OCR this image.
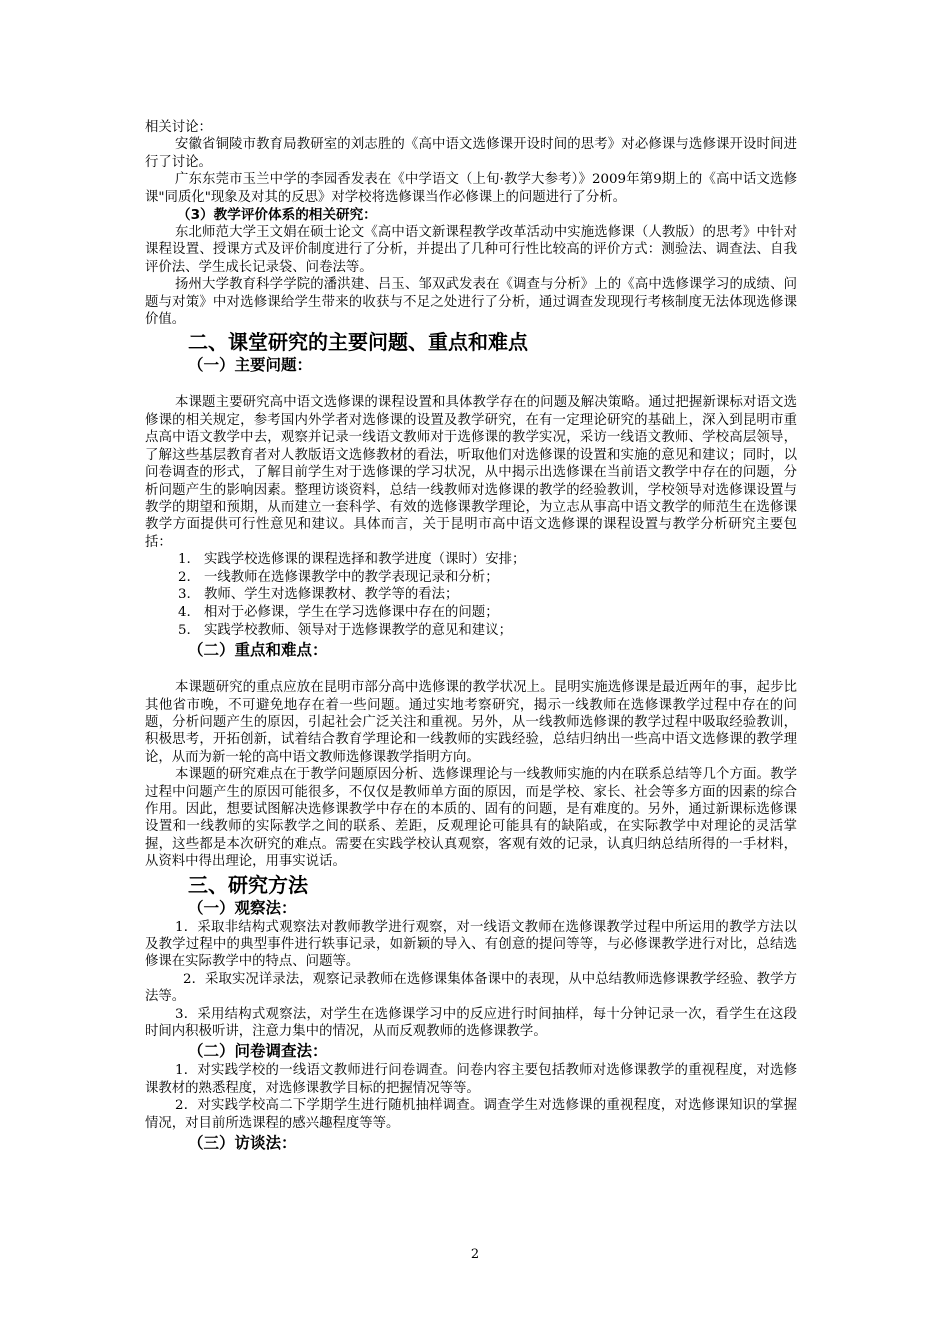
相关讨论：

安徽省铜陵市教育局教研室的刘志胜的《高中语文选修课开设时间的思考》对必修课与选修课开设时间进行了讨论。

广东东莞市玉兰中学的李园香发表在《中学语文（上旬·教学大参考）》2009年第9期上的《高中话文选修课"同质化"现象及对其的反思》对学校将选修课当作必修课上的问题进行了分析。

（3）教学评价体系的相关研究：

东北师范大学王文娟在硕士论文《高中语文新课程教学改革活动中实施选修课（人教版）的思考》中针对课程设置、授课方式及评价制度进行了分析，并提出了几种可行性比较高的评价方式：测验法、调查法、自我评价法、学生成长记录袋、问卷法等。

扬州大学教育科学学院的潘洪建、吕玉、邹双武发表在《调查与分析》上的《高中选修课学习的成绩、问题与对策》中对选修课给学生带来的收获与不足之处进行了分析，通过调查发现现行考核制度无法体现选修课价值。

二、课堂研究的主要问题、重点和难点
（一）主要问题：

本课题主要研究高中语文选修课的课程设置和具体教学存在的问题及解决策略。通过把握新课标对语文选修课的相关规定，参考国内外学者对选修课的设置及教学研究，在有一定理论研究的基础上，深入到昆明市重点高中语文教学中去，观察并记录一线语文教师对于选修课的教学实况，采访一线语文教师、学校高层领导，了解这些基层教育者对人教版语文选修教材的看法，听取他们对选修课的设置和实施的意见和建议；同时，以问卷调查的形式，了解目前学生对于选修课的学习状况，从中揭示出选修课在当前语文教学中存在的问题，分析问题产生的影响因素。整理访谈资料，总结一线教师对选修课的教学的经验教训，学校领导对选修课设置与教学的期望和预期，从而建立一套科学、有效的选修课教学理论，为立志从事高中语文教学的师范生在选修课教学方面提供可行性意见和建议。具体而言，关于昆明市高中语文选修课的课程设置与教学分析研究主要包括：

1. 实践学校选修课的课程选择和教学进度（课时）安排；
2. 一线教师在选修课教学中的教学表现记录和分析；
3. 教师、学生对选修课教材、教学等的看法；
4. 相对于必修课，学生在学习选修课中存在的问题；
5. 实践学校教师、领导对于选修课教学的意见和建议；
（二）重点和难点：

本课题研究的重点应放在昆明市部分高中选修课的教学状况上。昆明实施选修课是最近两年的事，起步比其他省市晚，不可避免地存在着一些问题。通过实地考察研究，揭示一线教师在选修课教学过程中存在的问题，分析问题产生的原因，引起社会广泛关注和重视。另外，从一线教师选修课的教学过程中吸取经验教训，积极思考，开拓创新，试着结合教育学理论和一线教师的实践经验，总结归纳出一些高中语文选修课的教学理论，从而为新一轮的高中语文教师选修课教学指明方向。

本课题的研究难点在于教学问题原因分析、选修课理论与一线教师实施的内在联系总结等几个方面。教学过程中问题产生的原因可能很多，不仅仅是教师单方面的原因，而是学校、家长、社会等多方面的因素的综合作用。因此，想要试图解决选修课教学中存在的本质的、固有的问题，是有难度的。另外，通过新课标选修课设置和一线教师的实际教学之间的联系、差距，反观理论可能具有的缺陷或，在实际教学中对理论的灵活掌握，这些都是本次研究的难点。需要在实践学校认真观察，客观有效的记录，认真归纳总结所得的一手材料，从资料中得出理论，用事实说话。

三、研究方法
（一）观察法：

1．采取非结构式观察法对教师教学进行观察，对一线语文教师在选修课教学过程中所运用的教学方法以及教学过程中的典型事件进行轶事记录，如新颖的导入、有创意的提问等等，与必修课教学进行对比，总结选修课在实际教学中的特点、问题等。

2．采取实况详录法，观察记录教师在选修课集体备课中的表现，从中总结教师选修课教学经验、教学方法等。

3．采用结构式观察法，对学生在选修课学习中的反应进行时间抽样，每十分钟记录一次，看学生在这段时间内积极听讲，注意力集中的情况，从而反观教师的选修课教学。

（二）问卷调查法：

1．对实践学校的一线语文教师进行问卷调查。问卷内容主要包括教师对选修课教学的重视程度，对选修课教材的熟悉程度，对选修课教学目标的把握情况等等。

2．对实践学校高二下学期学生进行随机抽样调查。调查学生对选修课的重视程度，对选修课知识的掌握情况，对目前所选课程的感兴趣程度等等。

（三）访谈法：
2
